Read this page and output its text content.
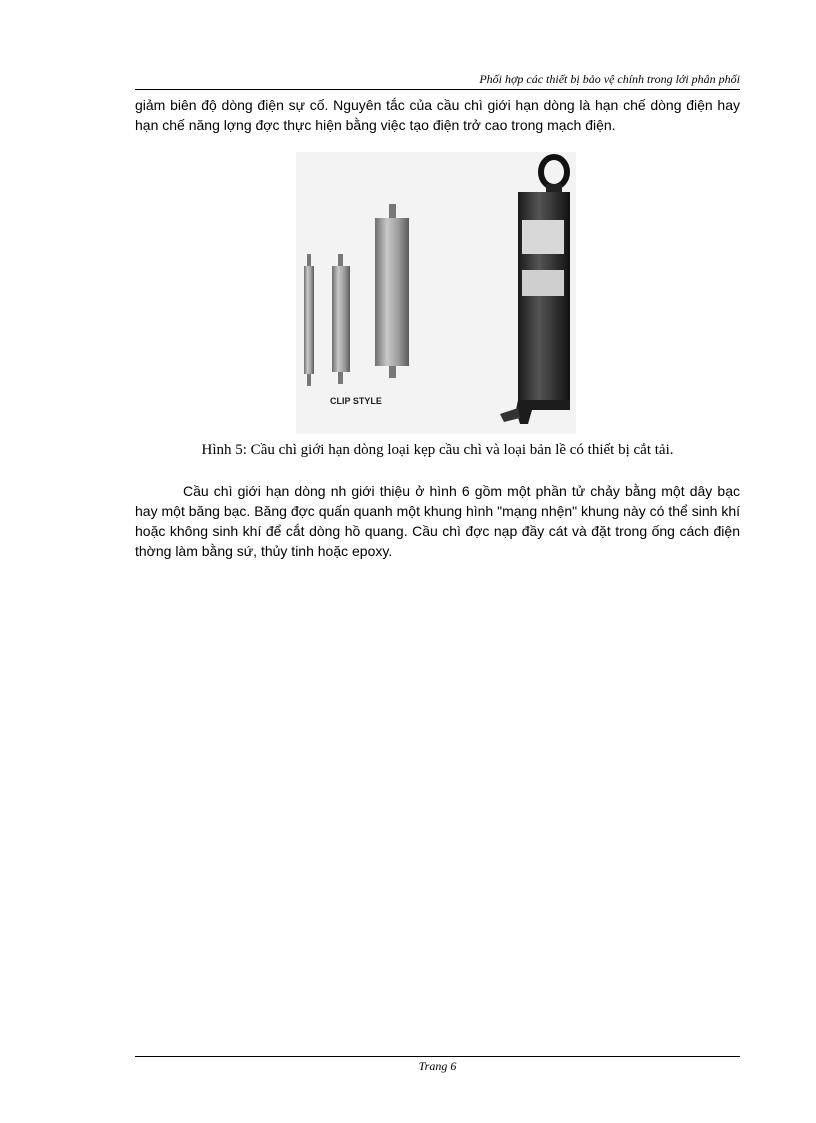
Phối hợp các thiết bị bảo vệ chính trong lới phân phối
giảm biên độ dòng điện sự cố. Nguyên tắc của cầu chì giới hạn dòng là hạn chế dòng điện hay hạn chế năng lợng đợc thực hiện bằng việc tạo điện trở cao trong mạch điện.
CLIP STYLE
Hình 5: Cầu chì giới hạn dòng loại kẹp cầu chì và loại bản lề có thiết bị cắt tải.
Cầu chì giới hạn dòng nh giới thiệu ở hình 6 gồm một phần tử chảy bằng một dây bạc hay một băng bạc. Băng đợc quấn quanh một khung hình "mạng nhện" khung này có thể sinh khí hoặc không sinh khí để cắt dòng hồ quang. Cầu chì đợc nạp đầy cát và đặt trong ống cách điện thờng làm bằng sứ, thủy tinh hoặc epoxy.
Trang 6
